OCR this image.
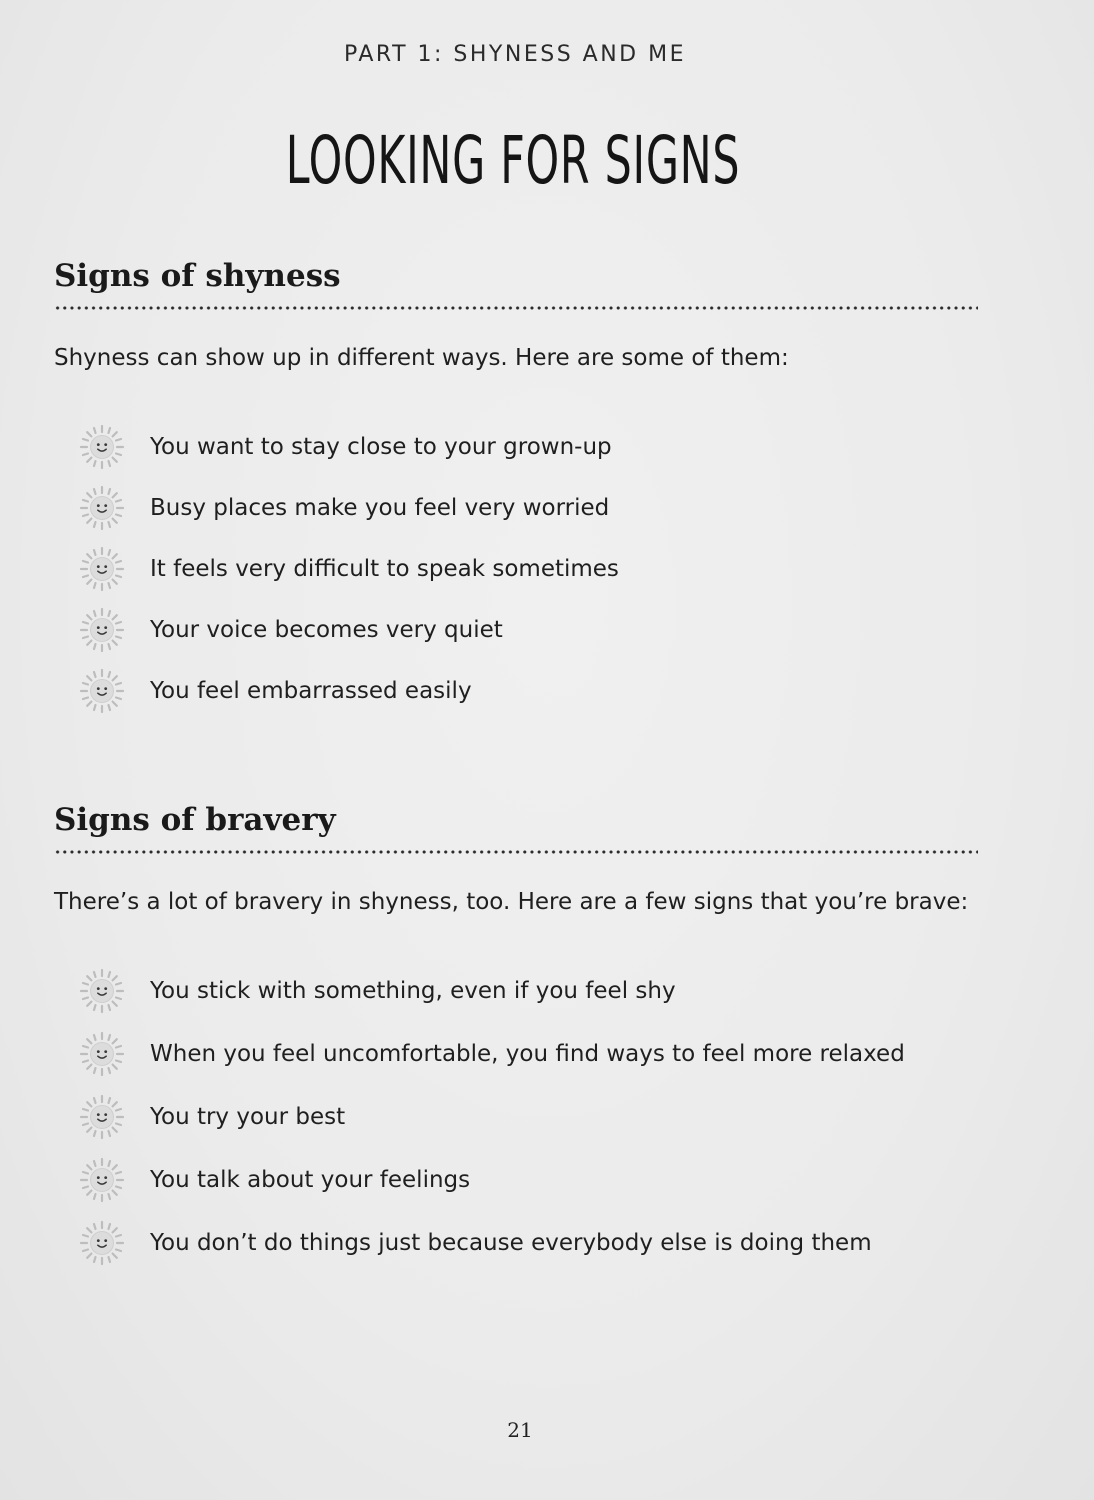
PART 1: SHYNESS AND ME
LOOKING FOR SIGNS
Signs of shyness
Shyness can show up in different ways. Here are some of them:
You want to stay close to your grown-up
Busy places make you feel very worried
It feels very difficult to speak sometimes
Your voice becomes very quiet
You feel embarrassed easily
Signs of bravery
There’s a lot of bravery in shyness, too. Here are a few signs that you’re brave:
You stick with something, even if you feel shy
When you feel uncomfortable, you find ways to feel more relaxed
You try your best
You talk about your feelings
You don’t do things just because everybody else is doing them
21
